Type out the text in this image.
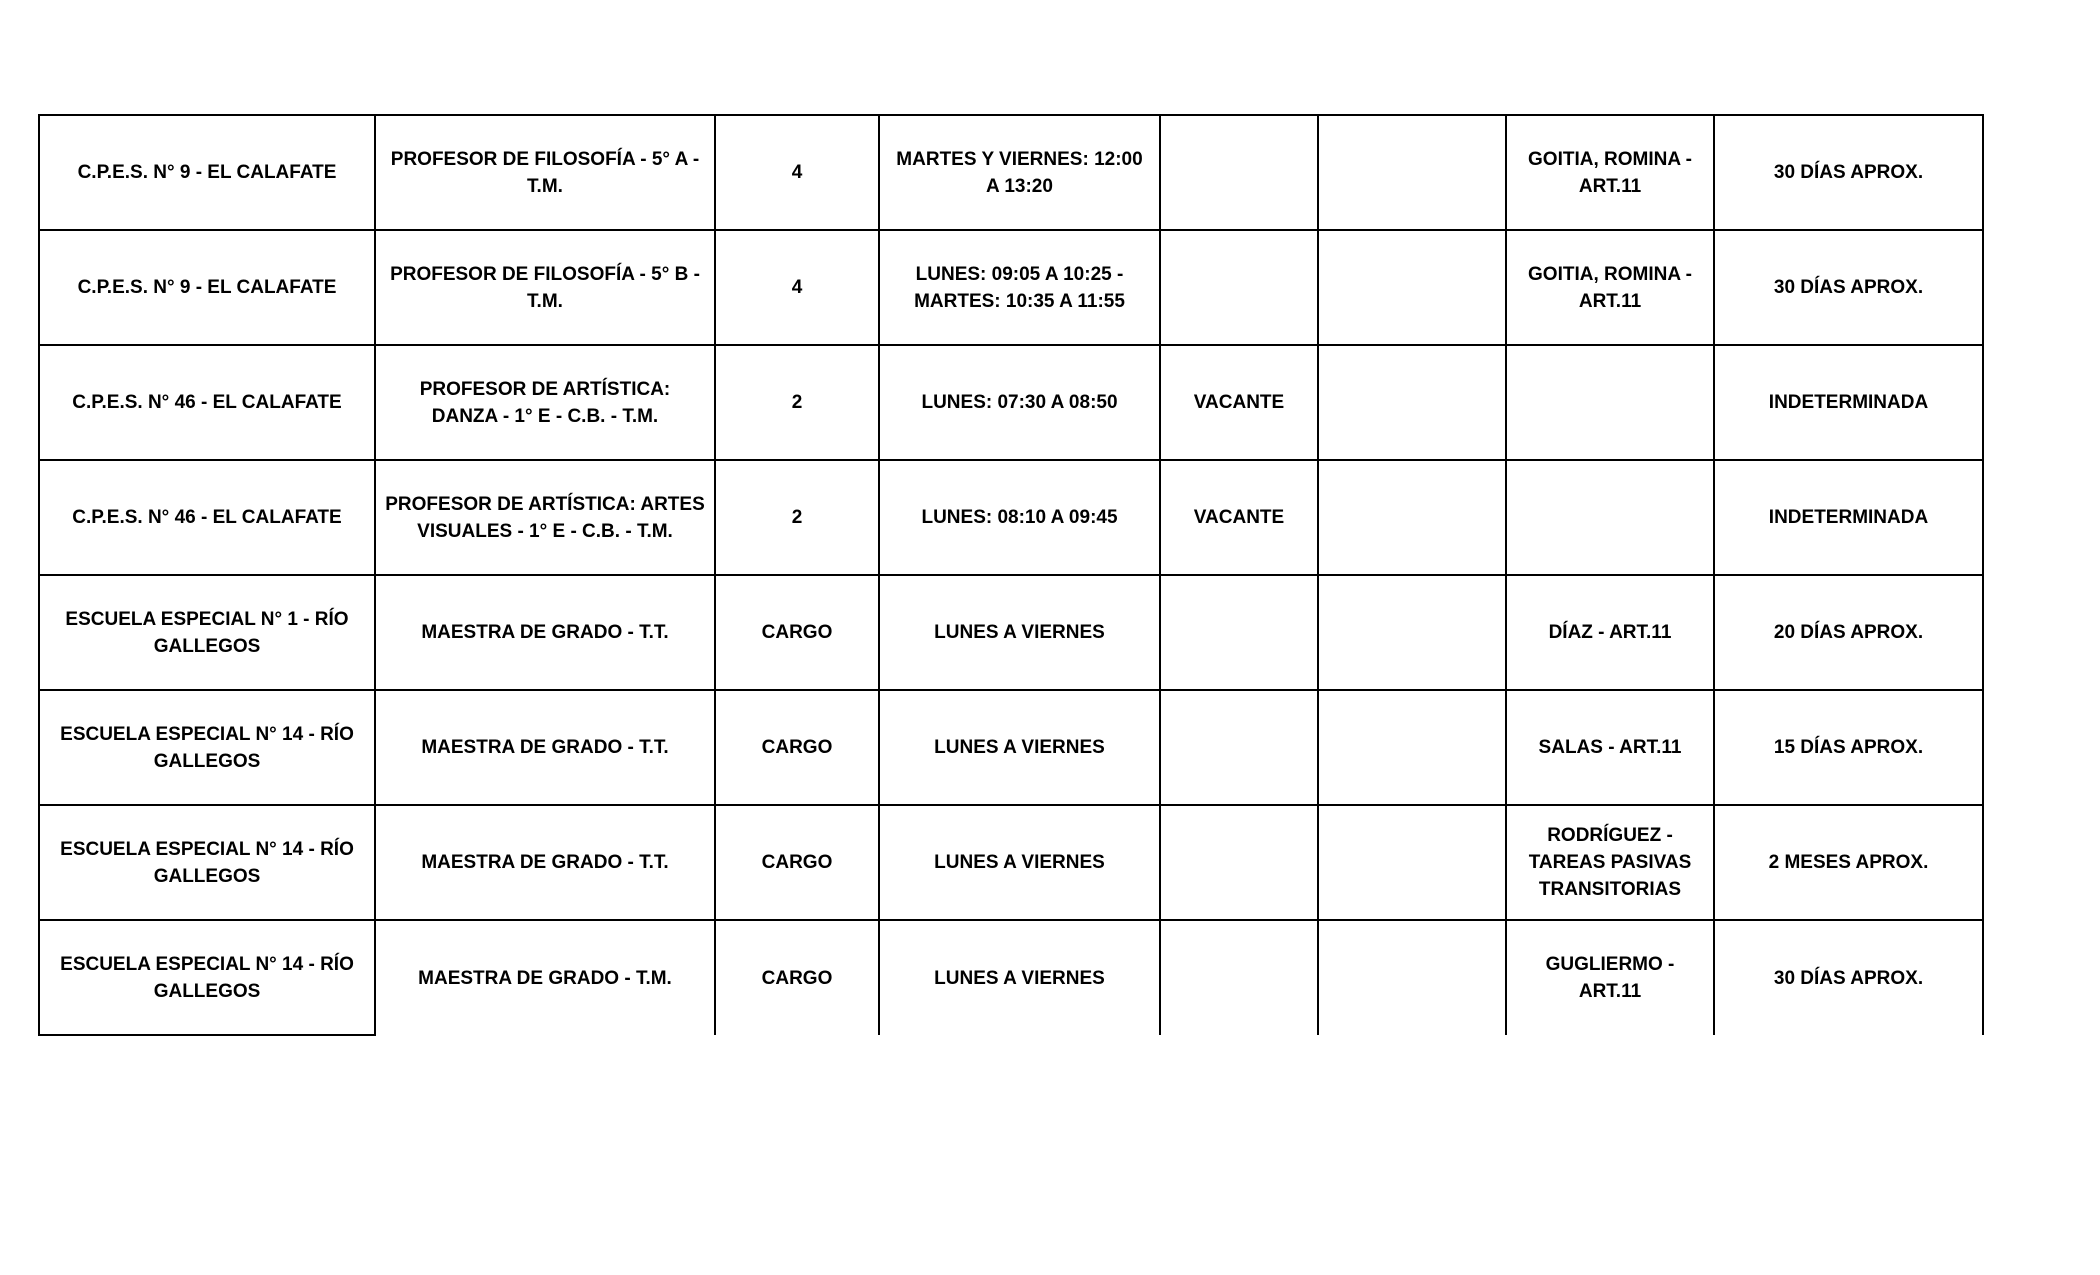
C.P.E.S. N° 9 - EL CALAFATE	PROFESOR DE FILOSOFÍA - 5° A - T.M.	4	MARTES Y VIERNES: 12:00 A 13:20			GOITIA, ROMINA - ART.11	30 DÍAS APROX.
C.P.E.S. N° 9 - EL CALAFATE	PROFESOR DE FILOSOFÍA - 5° B - T.M.	4	LUNES: 09:05 A 10:25 - MARTES: 10:35 A 11:55			GOITIA, ROMINA - ART.11	30 DÍAS APROX.
C.P.E.S. N° 46 - EL CALAFATE	PROFESOR DE ARTÍSTICA: DANZA - 1° E - C.B. - T.M.	2	LUNES: 07:30 A 08:50	VACANTE			INDETERMINADA
C.P.E.S. N° 46 - EL CALAFATE	PROFESOR DE ARTÍSTICA: ARTES VISUALES - 1° E - C.B. - T.M.	2	LUNES: 08:10 A 09:45	VACANTE			INDETERMINADA
ESCUELA ESPECIAL N° 1 - RÍO GALLEGOS	MAESTRA DE GRADO - T.T.	CARGO	LUNES A VIERNES			DÍAZ - ART.11	20 DÍAS APROX.
ESCUELA ESPECIAL N° 14 - RÍO GALLEGOS	MAESTRA DE GRADO - T.T.	CARGO	LUNES A VIERNES			SALAS - ART.11	15 DÍAS APROX.
ESCUELA ESPECIAL N° 14 - RÍO GALLEGOS	MAESTRA DE GRADO - T.T.	CARGO	LUNES A VIERNES			RODRÍGUEZ - TAREAS PASIVAS TRANSITORIAS	2 MESES APROX.
ESCUELA ESPECIAL N° 14 - RÍO GALLEGOS	MAESTRA DE GRADO - T.M.	CARGO	LUNES A VIERNES			GUGLIERMO - ART.11	30 DÍAS APROX.
